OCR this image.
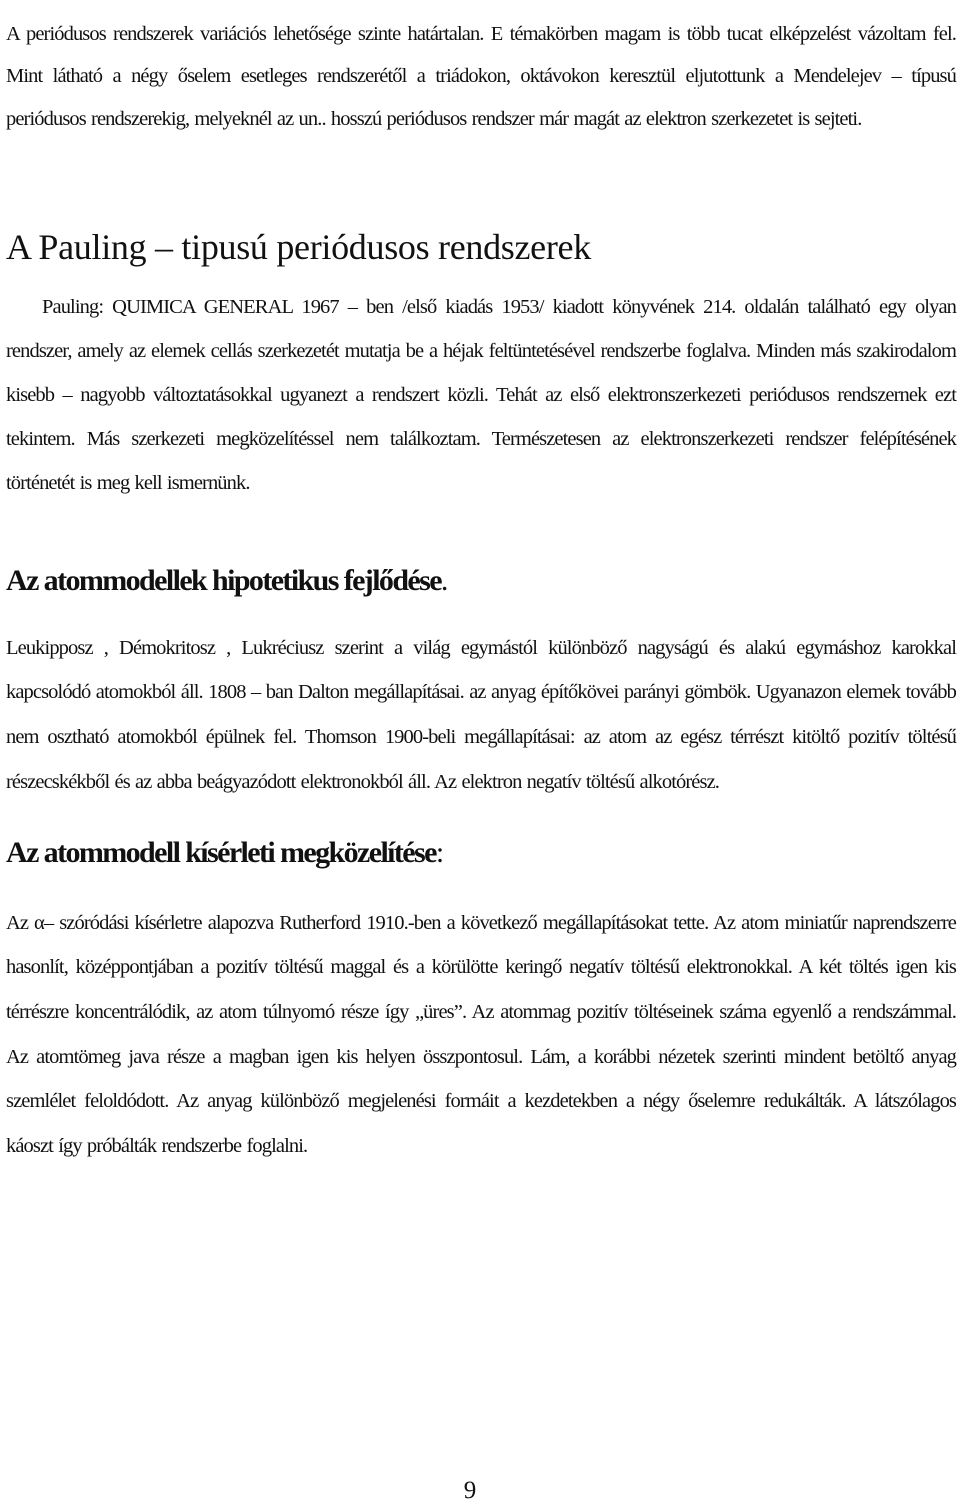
A periódusos rendszerek variációs lehetősége szinte határtalan. E témakörben magam is több tucat elképzelést vázoltam fel. Mint látható a négy őselem esetleges rendszerétől a triádokon, oktávokon keresztül eljutottunk a Mendelejev – típusú periódusos rendszerekig, melyeknél az un.. hosszú periódusos rendszer már magát az elektron szerkezetet is sejteti.

A Pauling – tipusú periódusos rendszerek

Pauling: QUIMICA GENERAL 1967 – ben /első kiadás 1953/ kiadott könyvének 214. oldalán található egy olyan rendszer, amely az elemek cellás szerkezetét mutatja be a héjak feltüntetésével rendszerbe foglalva. Minden más szakirodalom kisebb – nagyobb változtatásokkal ugyanezt a rendszert közli. Tehát az első elektronszerkezeti periódusos rendszernek ezt tekintem. Más szerkezeti megközelítéssel nem találkoztam. Természetesen az elektronszerkezeti rendszer felépítésének történetét is meg kell ismernünk.

Az atommodellek hipotetikus fejlődése.

Leukipposz , Démokritosz , Lukréciusz szerint a világ egymástól különböző nagyságú és alakú egymáshoz karokkal kapcsolódó atomokból áll. 1808 – ban Dalton megállapításai. az anyag építőkövei parányi gömbök. Ugyanazon elemek tovább nem osztható atomokból épülnek fel. Thomson 1900-beli megállapításai: az atom az egész térrészt kitöltő pozitív töltésű részecskékből és az abba beágyazódott elektronokból áll. Az elektron negatív töltésű alkotórész.

Az atommodell kísérleti megközelítése:

Az α– szóródási kísérletre alapozva Rutherford 1910.-ben a következő megállapításokat tette. Az atom miniatűr naprendszerre hasonlít, középpontjában a pozitív töltésű maggal és a körülötte keringő negatív töltésű elektronokkal. A két töltés igen kis térrészre koncentrálódik, az atom túlnyomó része így „üres”. Az atommag pozitív töltéseinek száma egyenlő a rendszámmal. Az atomtömeg java része a magban igen kis helyen összpontosul. Lám, a korábbi nézetek szerinti mindent betöltő anyag szemlélet feloldódott. Az anyag különböző megjelenési formáit a kezdetekben a négy őselemre redukálták. A látszólagos káoszt így próbálták rendszerbe foglalni.

9
